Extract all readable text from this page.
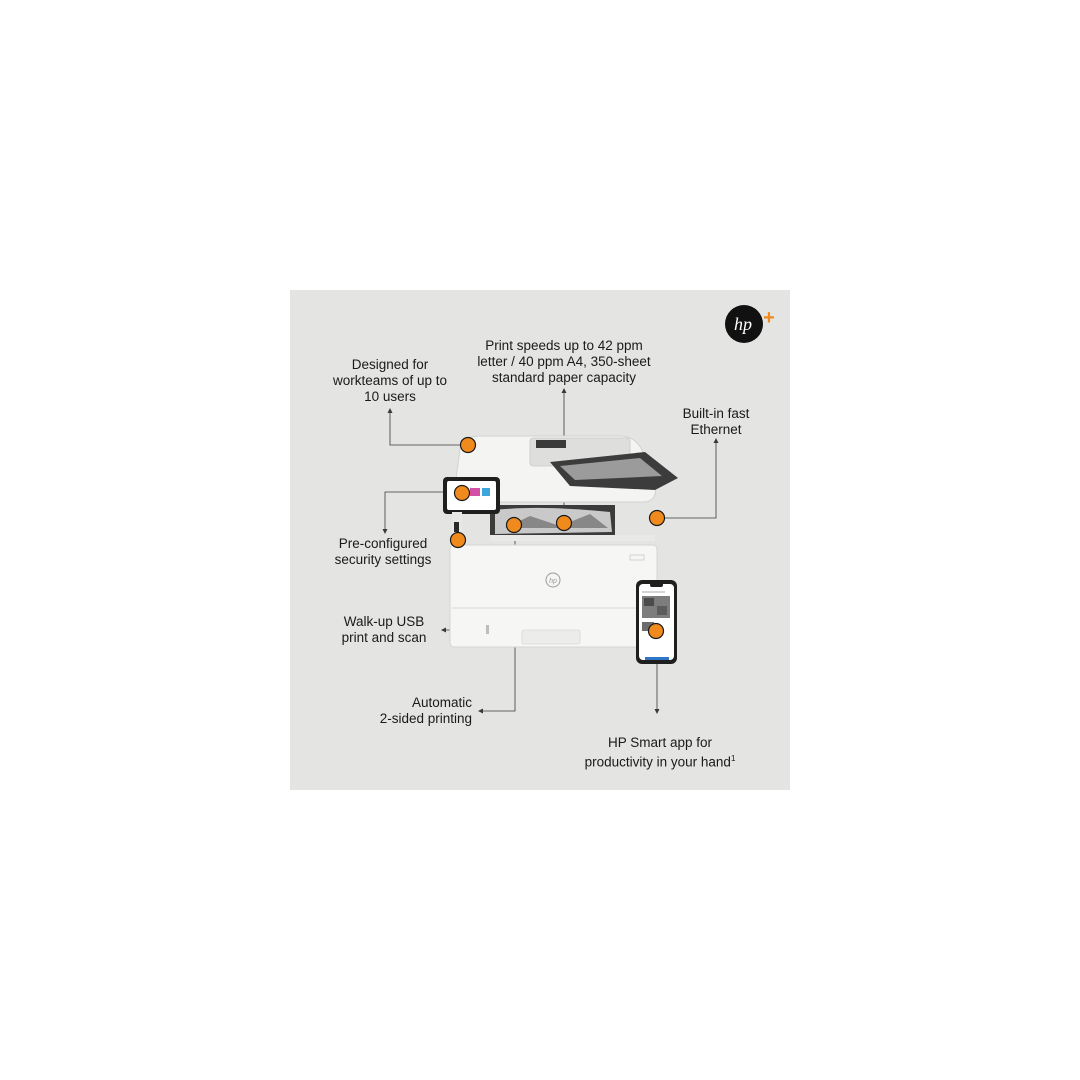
hp
hp +
Designed for
workteams of up to
10 users
Print speeds up to 42 ppm
letter / 40 ppm A4, 350-sheet
standard paper capacity
Built-in fast
Ethernet
Pre-configured
security settings
Walk-up USB
print and scan
Automatic
2-sided printing

HP Smart app for
productivity in your hand$^1$
